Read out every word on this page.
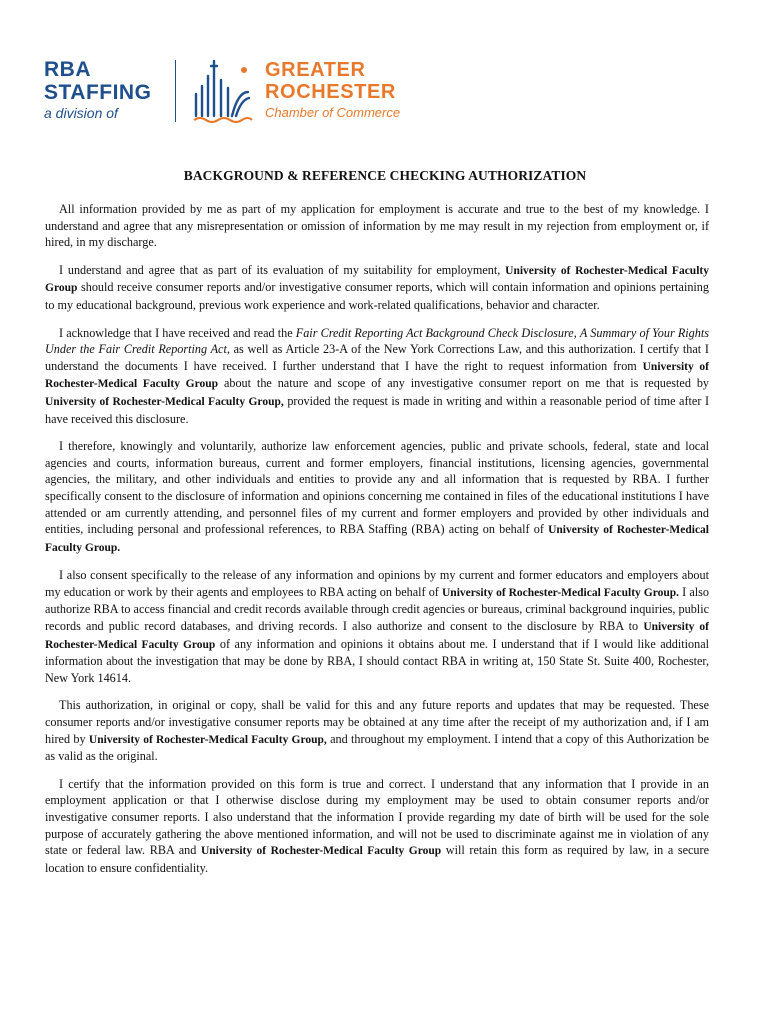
RBA
STAFFING
a division of
GREATER
ROCHESTER
Chamber of Commerce
BACKGROUND & REFERENCE CHECKING AUTHORIZATION

All information provided by me as part of my application for employment is accurate and true to the best of my knowledge. I understand and agree that any misrepresentation or omission of information by me may result in my rejection from employment or, if hired, in my discharge.

I understand and agree that as part of its evaluation of my suitability for employment, University of Rochester-Medical Faculty Group should receive consumer reports and/or investigative consumer reports, which will contain information and opinions pertaining to my educational background, previous work experience and work-related qualifications, behavior and character.

I acknowledge that I have received and read the Fair Credit Reporting Act Background Check Disclosure, A Summary of Your Rights Under the Fair Credit Reporting Act, as well as Article 23-A of the New York Corrections Law, and this authorization. I certify that I understand the documents I have received. I further understand that I have the right to request information from University of Rochester-Medical Faculty Group about the nature and scope of any investigative consumer report on me that is requested by University of Rochester-Medical Faculty Group, provided the request is made in writing and within a reasonable period of time after I have received this disclosure.

I therefore, knowingly and voluntarily, authorize law enforcement agencies, public and private schools, federal, state and local agencies and courts, information bureaus, current and former employers, financial institutions, licensing agencies, governmental agencies, the military, and other individuals and entities to provide any and all information that is requested by RBA. I further specifically consent to the disclosure of information and opinions concerning me contained in files of the educational institutions I have attended or am currently attending, and personnel files of my current and former employers and provided by other individuals and entities, including personal and professional references, to RBA Staffing (RBA) acting on behalf of University of Rochester-Medical Faculty Group.

I also consent specifically to the release of any information and opinions by my current and former educators and employers about my education or work by their agents and employees to RBA acting on behalf of University of Rochester-Medical Faculty Group. I also authorize RBA to access financial and credit records available through credit agencies or bureaus, criminal background inquiries, public records and public record databases, and driving records. I also authorize and consent to the disclosure by RBA to University of Rochester-Medical Faculty Group of any information and opinions it obtains about me. I understand that if I would like additional information about the investigation that may be done by RBA, I should contact RBA in writing at, 150 State St. Suite 400, Rochester, New York 14614.

This authorization, in original or copy, shall be valid for this and any future reports and updates that may be requested. These consumer reports and/or investigative consumer reports may be obtained at any time after the receipt of my authorization and, if I am hired by University of Rochester-Medical Faculty Group, and throughout my employment. I intend that a copy of this Authorization be as valid as the original.

I certify that the information provided on this form is true and correct. I understand that any information that I provide in an employment application or that I otherwise disclose during my employment may be used to obtain consumer reports and/or investigative consumer reports. I also understand that the information I provide regarding my date of birth will be used for the sole purpose of accurately gathering the above mentioned information, and will not be used to discriminate against me in violation of any state or federal law. RBA and University of Rochester-Medical Faculty Group will retain this form as required by law, in a secure location to ensure confidentiality.
